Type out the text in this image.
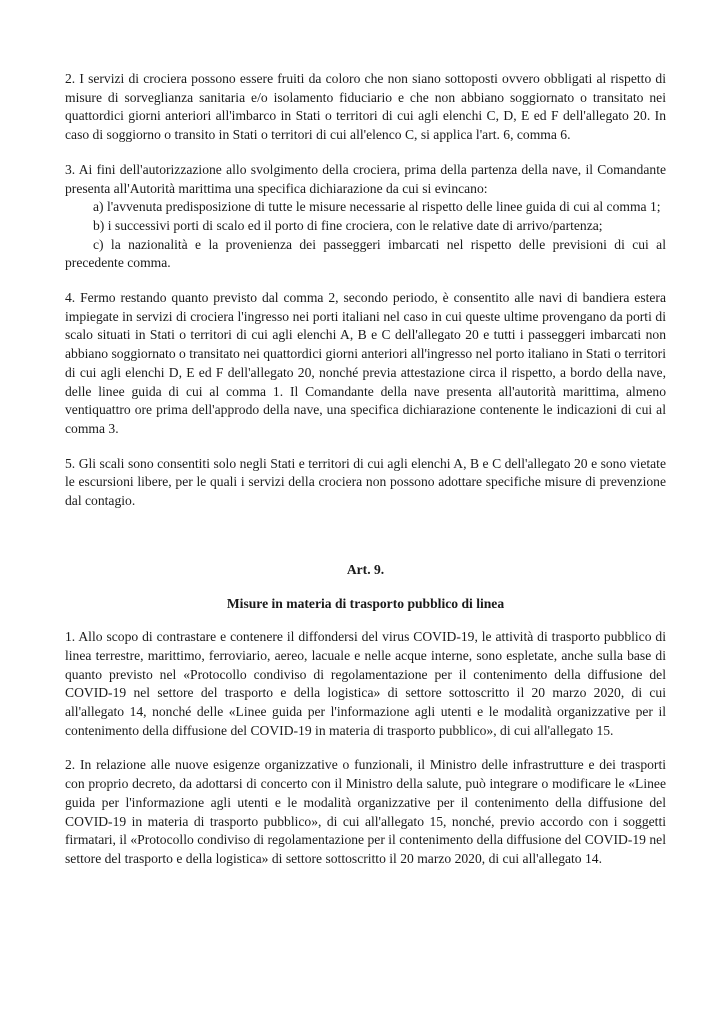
2. I servizi di crociera possono essere fruiti da coloro che non siano sottoposti ovvero obbligati al rispetto di misure di sorveglianza sanitaria e/o isolamento fiduciario e che non abbiano soggiornato o transitato nei quattordici giorni anteriori all'imbarco in Stati o territori di cui agli elenchi C, D, E ed F dell'allegato 20. In caso di soggiorno o transito in Stati o territori di cui all'elenco C, si applica l'art. 6, comma 6.

3. Ai fini dell'autorizzazione allo svolgimento della crociera, prima della partenza della nave, il Comandante presenta all'Autorità marittima una specifica dichiarazione da cui si evincano:

a) l'avvenuta predisposizione di tutte le misure necessarie al rispetto delle linee guida di cui al comma 1;

b) i successivi porti di scalo ed il porto di fine crociera, con le relative date di arrivo/partenza;

c) la nazionalità e la provenienza dei passeggeri imbarcati nel rispetto delle previsioni di cui al precedente comma.

4. Fermo restando quanto previsto dal comma 2, secondo periodo, è consentito alle navi di bandiera estera impiegate in servizi di crociera l'ingresso nei porti italiani nel caso in cui queste ultime provengano da porti di scalo situati in Stati o territori di cui agli elenchi A, B e C dell'allegato 20 e tutti i passeggeri imbarcati non abbiano soggiornato o transitato nei quattordici giorni anteriori all'ingresso nel porto italiano in Stati o territori di cui agli elenchi D, E ed F dell'allegato 20, nonché previa attestazione circa il rispetto, a bordo della nave, delle linee guida di cui al comma 1. Il Comandante della nave presenta all'autorità marittima, almeno ventiquattro ore prima dell'approdo della nave, una specifica dichiarazione contenente le indicazioni di cui al comma 3.

5. Gli scali sono consentiti solo negli Stati e territori di cui agli elenchi A, B e C dell'allegato 20 e sono vietate le escursioni libere, per le quali i servizi della crociera non possono adottare specifiche misure di prevenzione dal contagio.

Art. 9.
Misure in materia di trasporto pubblico di linea

1. Allo scopo di contrastare e contenere il diffondersi del virus COVID-19, le attività di trasporto pubblico di linea terrestre, marittimo, ferroviario, aereo, lacuale e nelle acque interne, sono espletate, anche sulla base di quanto previsto nel «Protocollo condiviso di regolamentazione per il contenimento della diffusione del COVID-19 nel settore del trasporto e della logistica» di settore sottoscritto il 20 marzo 2020, di cui all'allegato 14, nonché delle «Linee guida per l'informazione agli utenti e le modalità organizzative per il contenimento della diffusione del COVID-19 in materia di trasporto pubblico», di cui all'allegato 15.

2. In relazione alle nuove esigenze organizzative o funzionali, il Ministro delle infrastrutture e dei trasporti con proprio decreto, da adottarsi di concerto con il Ministro della salute, può integrare o modificare le «Linee guida per l'informazione agli utenti e le modalità organizzative per il contenimento della diffusione del COVID-19 in materia di trasporto pubblico», di cui all'allegato 15, nonché, previo accordo con i soggetti firmatari, il «Protocollo condiviso di regolamentazione per il contenimento della diffusione del COVID-19 nel settore del trasporto e della logistica» di settore sottoscritto il 20 marzo 2020, di cui all'allegato 14.
